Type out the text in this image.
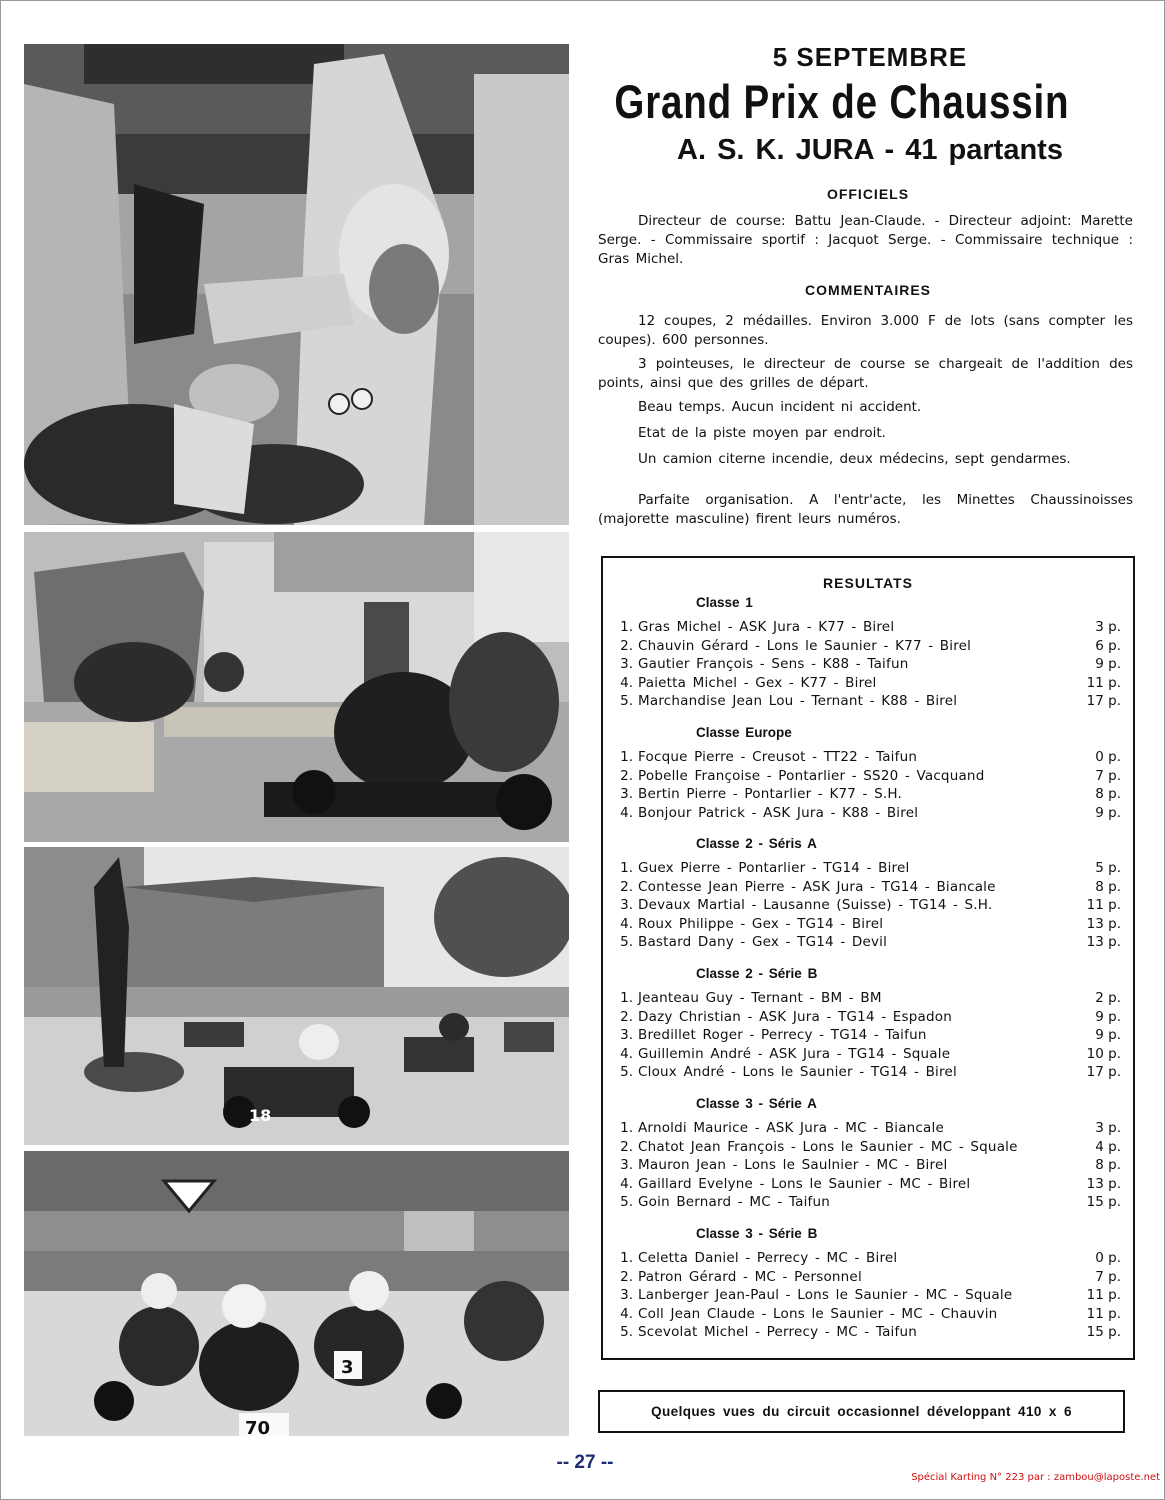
18
3
70
5 SEPTEMBRE
Grand Prix de Chaussin
A. S. K. JURA - 41 partants
OFFICIELS
Directeur de course: Battu Jean-Claude. - Directeur adjoint: Marette Serge. - Commissaire sportif : Jacquot Serge. - Commissaire technique : Gras Michel.
COMMENTAIRES
12 coupes, 2 médailles. Environ 3.000 F de lots (sans compter les coupes). 600 personnes.
3 pointeuses, le directeur de course se chargeait de l'addition des points, ainsi que des grilles de départ.
Beau temps. Aucun incident ni accident.
Etat de la piste moyen par endroit.
Un camion citerne incendie, deux médecins, sept gendarmes.
Parfaite organisation. A l'entr'acte, les Minettes Chaussinoisses (majorette masculine) firent leurs numéros.
RESULTATS
Classe 1
1. Gras Michel - ASK Jura - K77 - Birel	3 p.
2. Chauvin Gérard - Lons le Saunier - K77 - Birel	6 p.
3. Gautier François - Sens - K88 - Taifun	9 p.
4. Paietta Michel - Gex - K77 - Birel	11 p.
5. Marchandise Jean Lou - Ternant - K88 - Birel	17 p.
Classe Europe
1. Focque Pierre - Creusot - TT22 - Taifun	0 p.
2. Pobelle Françoise - Pontarlier - SS20 - Vacquand	7 p.
3. Bertin Pierre - Pontarlier - K77 - S.H.	8 p.
4. Bonjour Patrick - ASK Jura - K88 - Birel	9 p.
Classe 2 - Séris A
1. Guex Pierre - Pontarlier - TG14 - Birel	5 p.
2. Contesse Jean Pierre - ASK Jura - TG14 - Biancale	8 p.
3. Devaux Martial - Lausanne (Suisse) - TG14 - S.H.	11 p.
4. Roux Philippe - Gex - TG14 - Birel	13 p.
5. Bastard Dany - Gex - TG14 - Devil	13 p.
Classe 2 - Série B
1. Jeanteau Guy - Ternant - BM - BM	2 p.
2. Dazy Christian - ASK Jura - TG14 - Espadon	9 p.
3. Bredillet Roger - Perrecy - TG14 - Taifun	9 p.
4. Guillemin André - ASK Jura - TG14 - Squale	10 p.
5. Cloux André - Lons le Saunier - TG14 - Birel	17 p.
Classe 3 - Série A
1. Arnoldi Maurice - ASK Jura - MC - Biancale	3 p.
2. Chatot Jean François - Lons le Saunier - MC - Squale	4 p.
3. Mauron Jean - Lons le Saulnier - MC - Birel	8 p.
4. Gaillard Evelyne - Lons le Saunier - MC - Birel	13 p.
5. Goin Bernard - MC - Taifun	15 p.
Classe 3 - Série B
1. Celetta Daniel - Perrecy - MC - Birel	0 p.
2. Patron Gérard - MC - Personnel	7 p.
3. Lanberger Jean-Paul - Lons le Saunier - MC - Squale	11 p.
4. Coll Jean Claude - Lons le Saunier - MC - Chauvin	11 p.
5. Scevolat Michel - Perrecy - MC - Taifun	15 p.
Quelques vues du circuit occasionnel développant 410 x 6
-- 27 --
Spécial Karting N° 223 par : zambou@laposte.net
